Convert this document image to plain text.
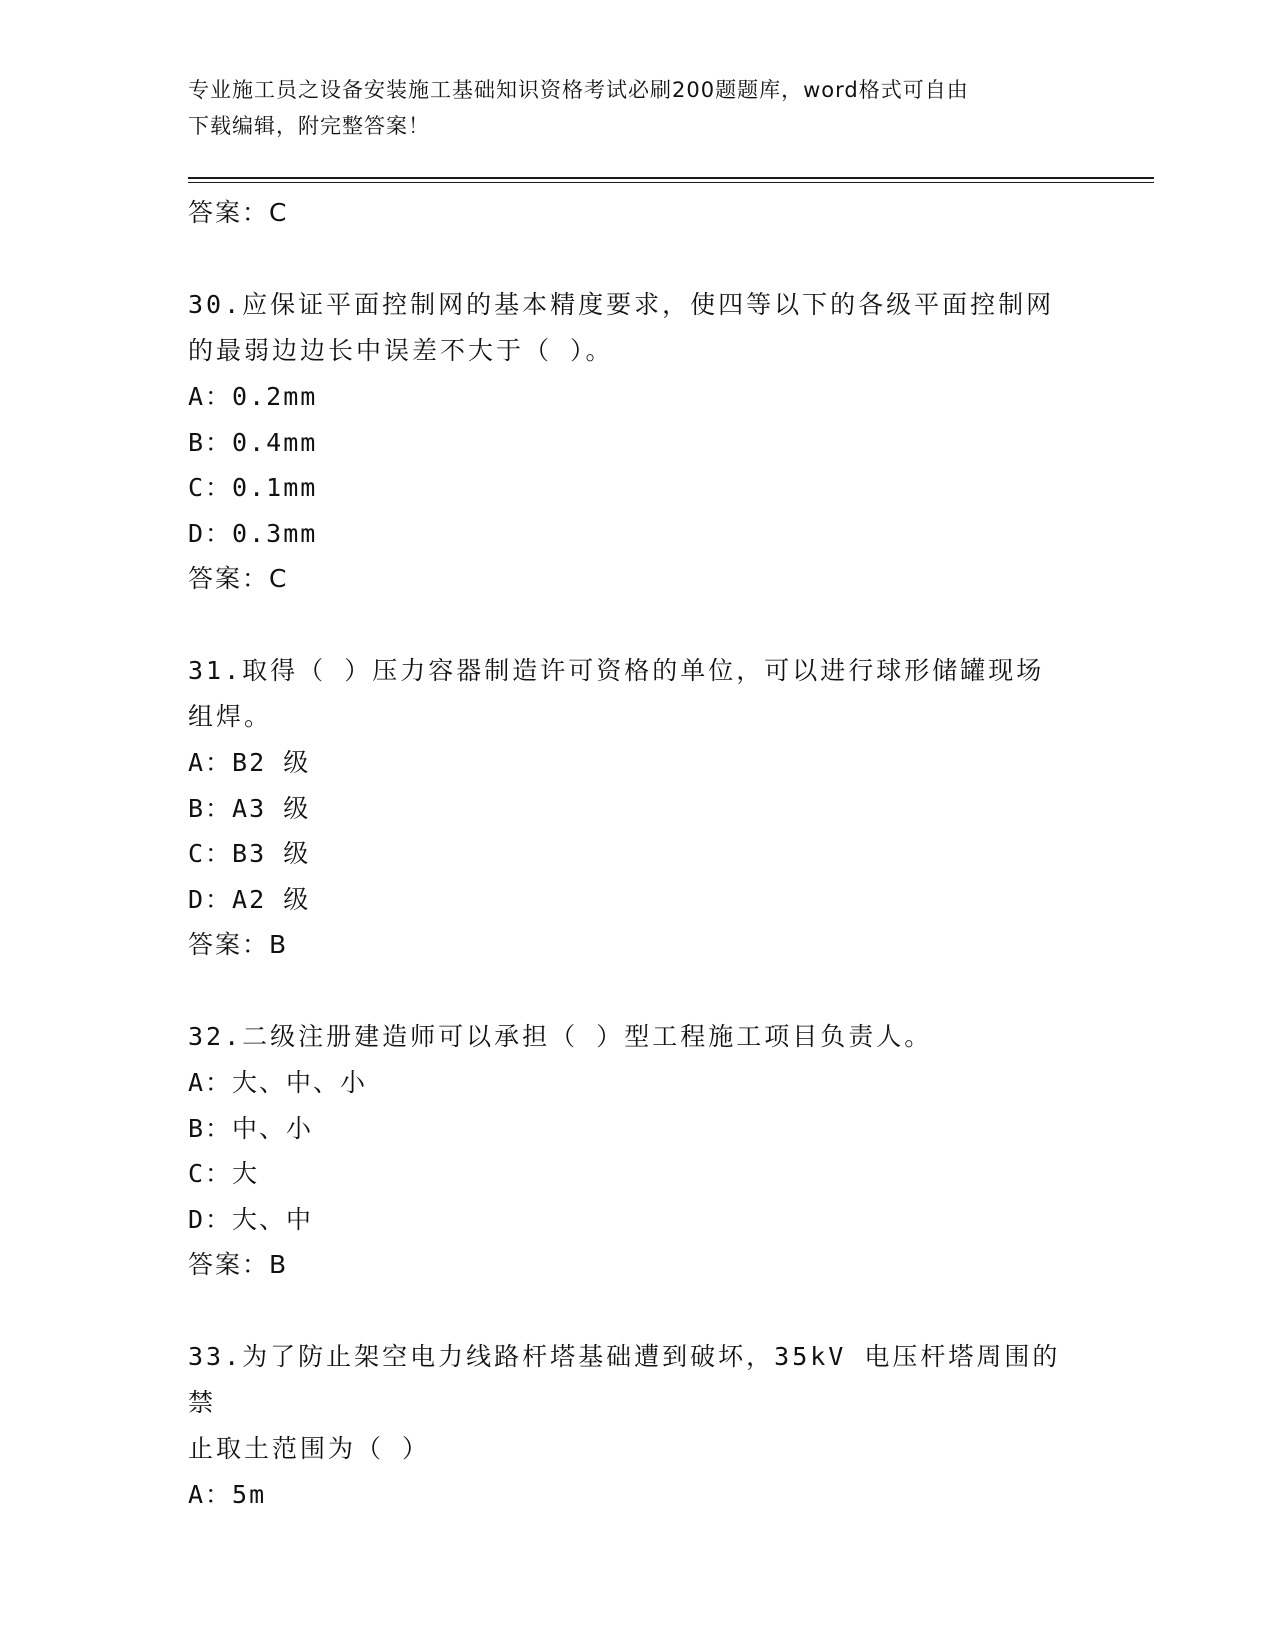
专业施工员之设备安装施工基础知识资格考试必刷200题题库，word格式可自由
下载编辑，附完整答案！
答案：C
30.应保证平面控制网的基本精度要求，使四等以下的各级平面控制网
的最弱边边长中误差不大于（ ）。
A：0.2mm
B：0.4mm
C：0.1mm
D：0.3mm
答案：C
31.取得（ ）压力容器制造许可资格的单位，可以进行球形储罐现场
组焊。
A：B2 级
B：A3 级
C：B3 级
D：A2 级
答案：B
32.二级注册建造师可以承担（ ）型工程施工项目负责人。
A：大、中、小
B：中、小
C：大
D：大、中
答案：B
33.为了防止架空电力线路杆塔基础遭到破坏，35kV 电压杆塔周围的禁
止取土范围为（ ）
A：5m
